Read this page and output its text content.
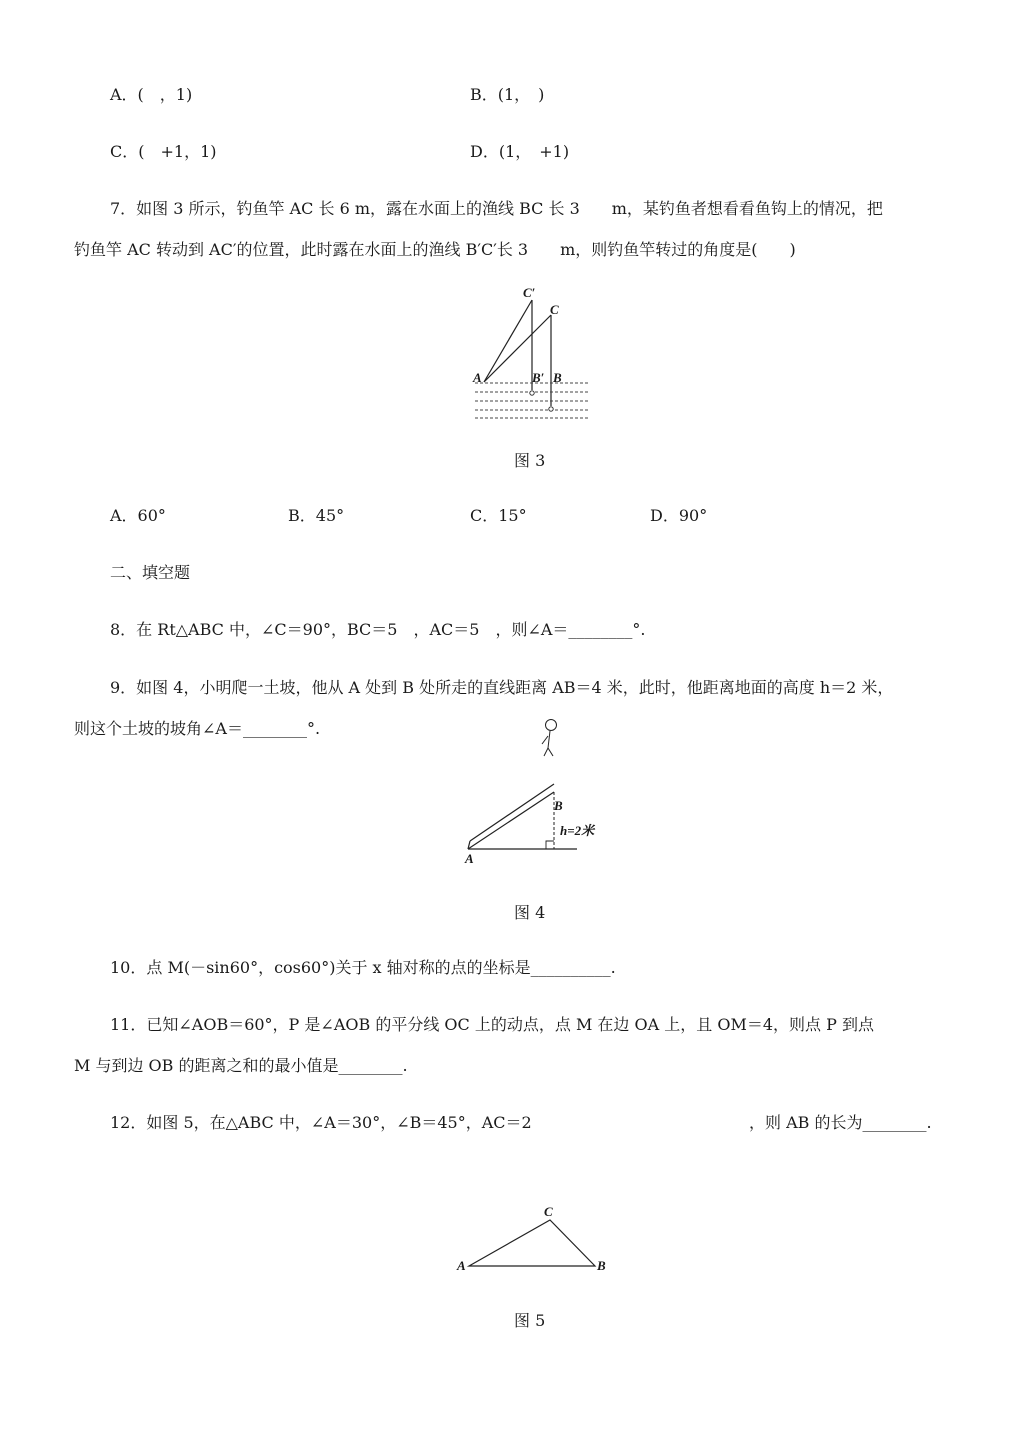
A．(　，1)	B．(1，　)
C．(　+1，1)	D．(1，　+1)
7．如图 3 所示，钓鱼竿 AC 长 6 m，露在水面上的渔线 BC 长 3　　m，某钓鱼者想看看鱼钩上的情况，把
钓鱼竿 AC 转动到 AC′的位置，此时露在水面上的渔线 B′C′长 3　　m，则钓鱼竿转过的角度是(　　)
C′
C
A	B′ B
图 3
A．60°	B．45°	C．15°	D．90°
二、填空题
8．在 Rt△ABC 中，∠C＝90°，BC＝5　，AC＝5　，则∠A＝________°.
9．如图 4，小明爬一土坡，他从 A 处到 B 处所走的直线距离 AB＝4 米，此时，他距离地面的高度 h＝2 米，
则这个土坡的坡角∠A＝________°.
B
h=2米
A
图 4
10．点 M(－sin60°，cos60°)关于 x 轴对称的点的坐标是__________.
11．已知∠AOB＝60°，P 是∠AOB 的平分线 OC 上的动点，点 M 在边 OA 上，且 OM＝4，则点 P 到点
M 与到边 OB 的距离之和的最小值是________.
12．如图 5，在△ABC 中，∠A＝30°，∠B＝45°，AC＝2	，则 AB 的长为________.
C
A	B
图 5
